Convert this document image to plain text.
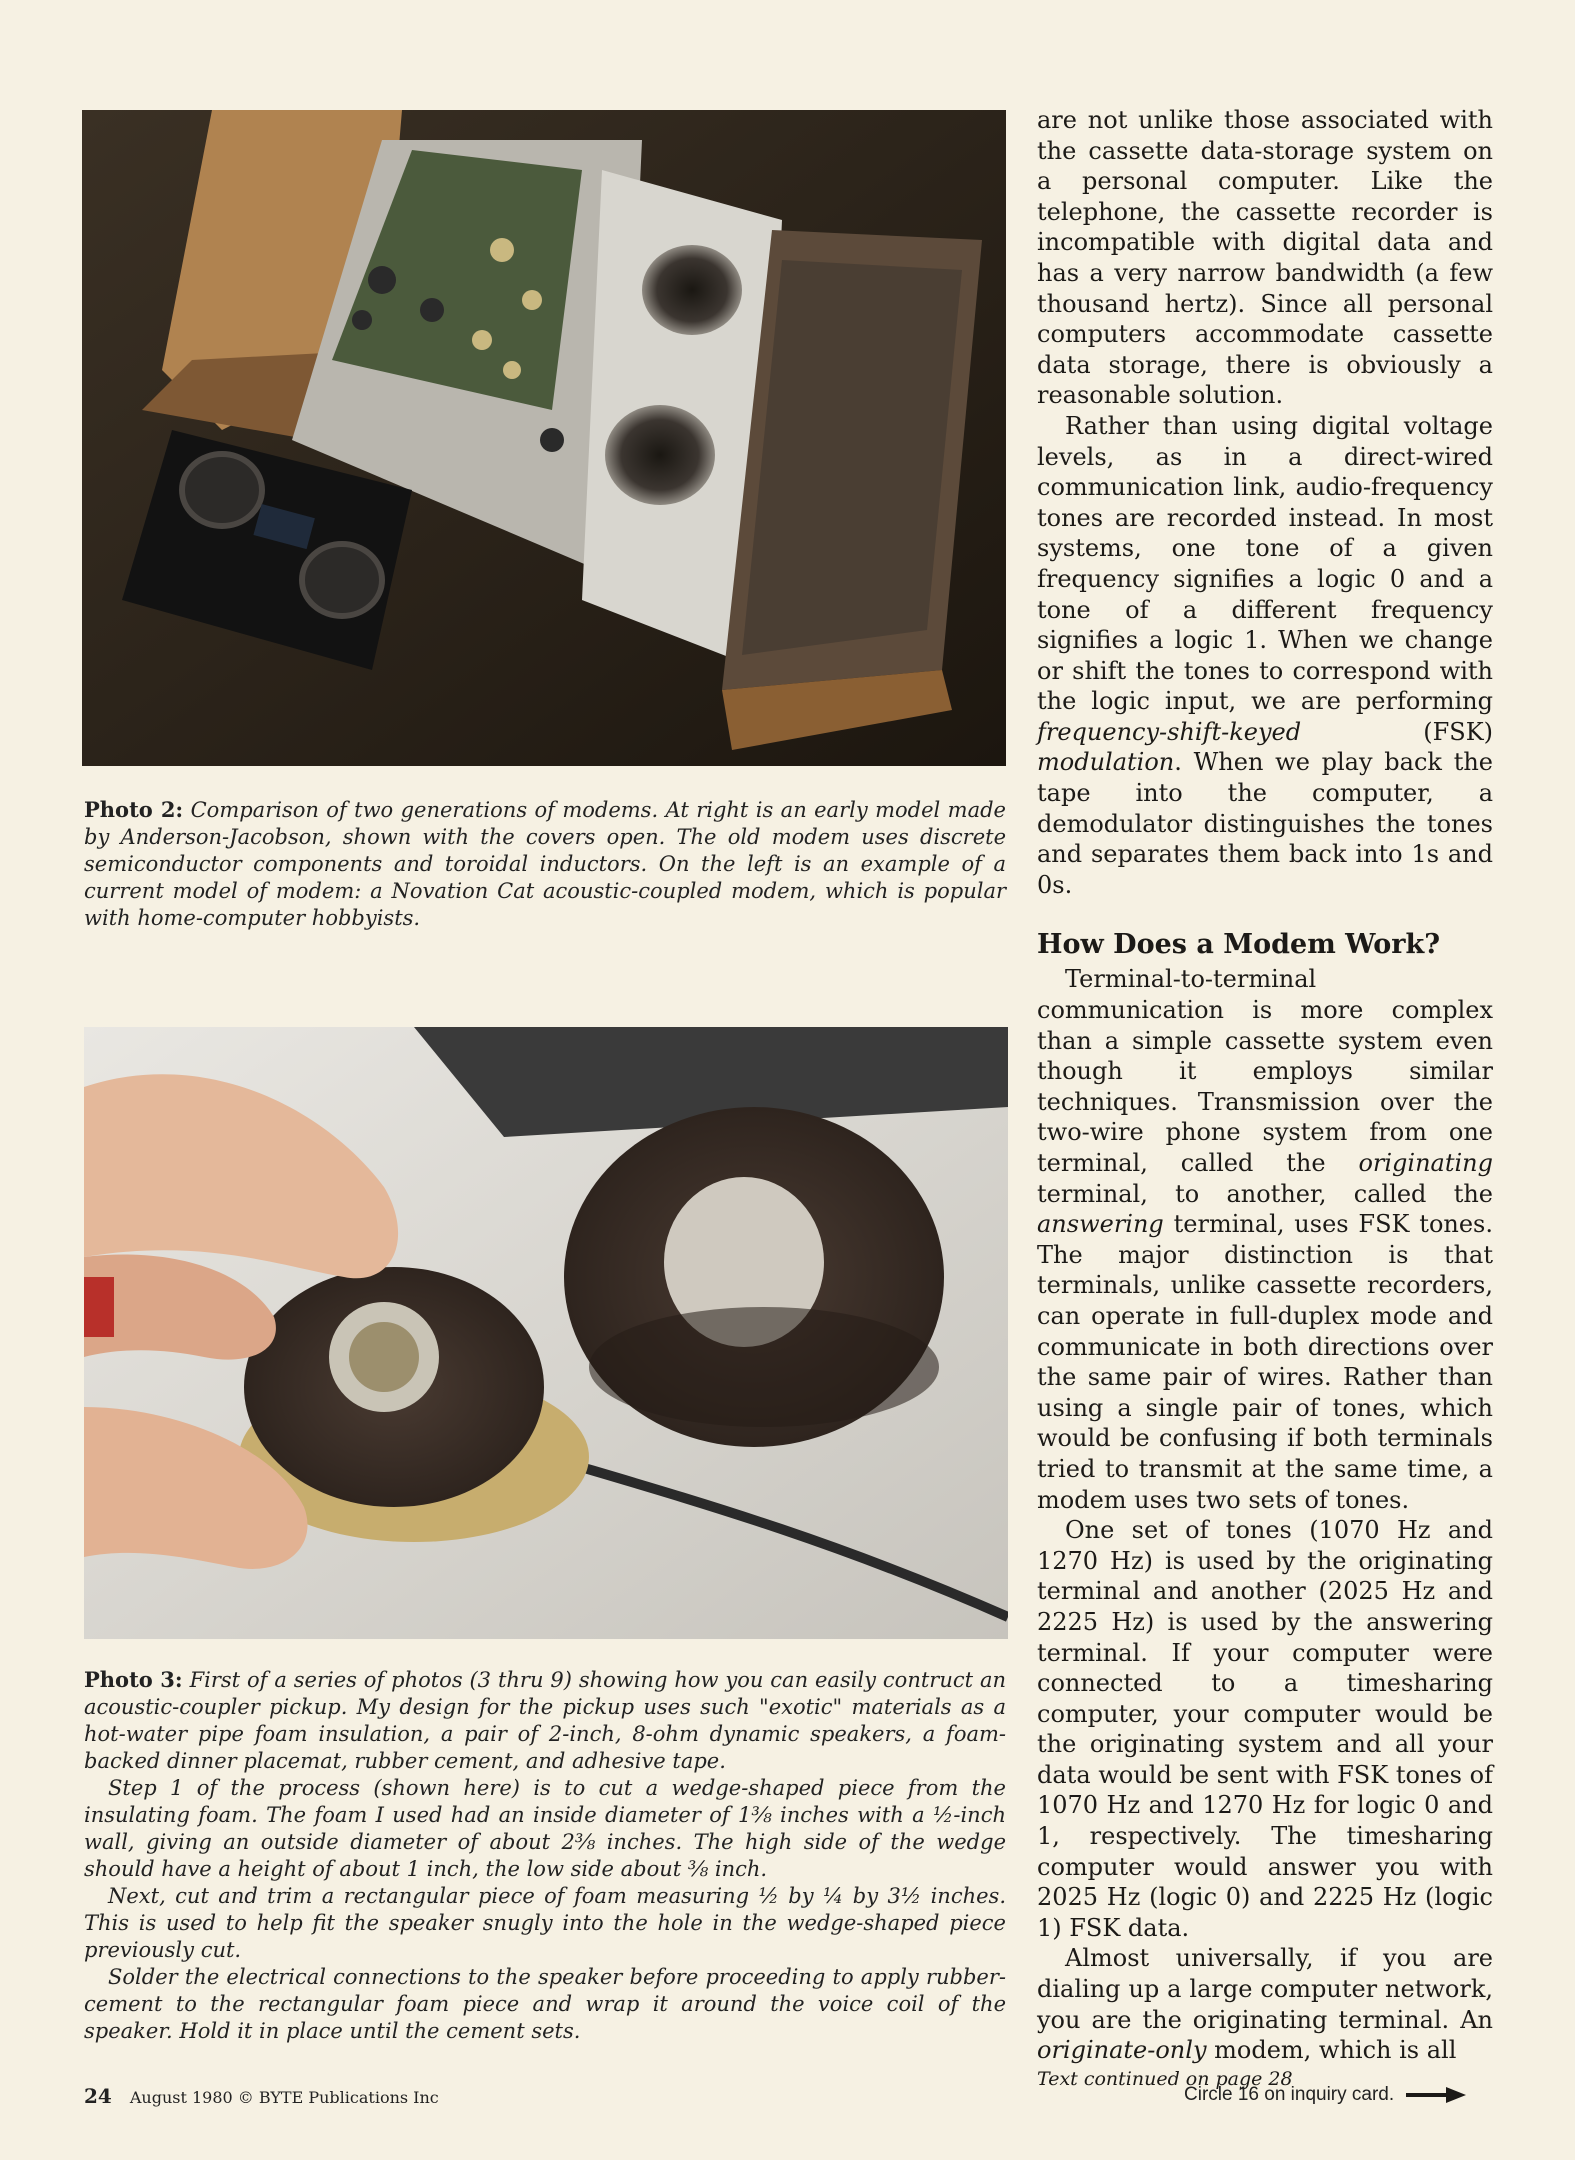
Photo 2: Comparison of two generations of modems. At right is an early model made by Anderson-Jacobson, shown with the covers open. The old modem uses discrete semiconductor components and toroidal inductors. On the left is an example of a current model of modem: a Novation Cat acoustic-coupled modem, which is popular with home-computer hobbyists.

Photo 3: First of a series of photos (3 thru 9) showing how you can easily contruct an acoustic-coupler pickup. My design for the pickup uses such "exotic" materials as a hot-water pipe foam insulation, a pair of 2-inch, 8-ohm dynamic speakers, a foam-backed dinner placemat, rubber cement, and adhesive tape.

Step 1 of the process (shown here) is to cut a wedge-shaped piece from the insulating foam. The foam I used had an inside diameter of 1⅜ inches with a ½-inch wall, giving an outside diameter of about 2⅜ inches. The high side of the wedge should have a height of about 1 inch, the low side about ⅜ inch.

Next, cut and trim a rectangular piece of foam measuring ½ by ¼ by 3½ inches. This is used to help fit the speaker snugly into the hole in the wedge-shaped piece previously cut.

Solder the electrical connections to the speaker before proceeding to apply rubber-cement to the rectangular foam piece and wrap it around the voice coil of the speaker. Hold it in place until the cement sets.

are not unlike those associated with the cassette data-storage system on a personal computer. Like the telephone, the cassette recorder is incompatible with digital data and has a very narrow bandwidth (a few thousand hertz). Since all personal computers accommodate cassette data storage, there is obviously a reasonable solution.

Rather than using digital voltage levels, as in a direct-wired communication link, audio-frequency tones are recorded instead. In most systems, one tone of a given frequency signifies a logic 0 and a tone of a different frequency signifies a logic 1. When we change or shift the tones to correspond with the logic input, we are performing frequency-shift-keyed (FSK) modulation. When we play back the tape into the computer, a demodulator distinguishes the tones and separates them back into 1s and 0s.

How Does a Modem Work?

Terminal-to-terminal communication is more complex than a simple cassette system even though it employs similar techniques. Transmission over the two-wire phone system from one terminal, called the originating terminal, to another, called the answering terminal, uses FSK tones. The major distinction is that terminals, unlike cassette recorders, can operate in full-duplex mode and communicate in both directions over the same pair of wires. Rather than using a single pair of tones, which would be confusing if both terminals tried to transmit at the same time, a modem uses two sets of tones.

One set of tones (1070 Hz and 1270 Hz) is used by the originating terminal and another (2025 Hz and 2225 Hz) is used by the answering terminal. If your computer were connected to a timesharing computer, your computer would be the originating system and all your data would be sent with FSK tones of 1070 Hz and 1270 Hz for logic 0 and 1, respectively. The timesharing computer would answer you with 2025 Hz (logic 0) and 2225 Hz (logic 1) FSK data.

Almost universally, if you are dialing up a large computer network, you are the originating terminal. An originate-only modem, which is all

Text continued on page 28

24 August 1980 © BYTE Publications Inc	Circle 16 on inquiry card.
